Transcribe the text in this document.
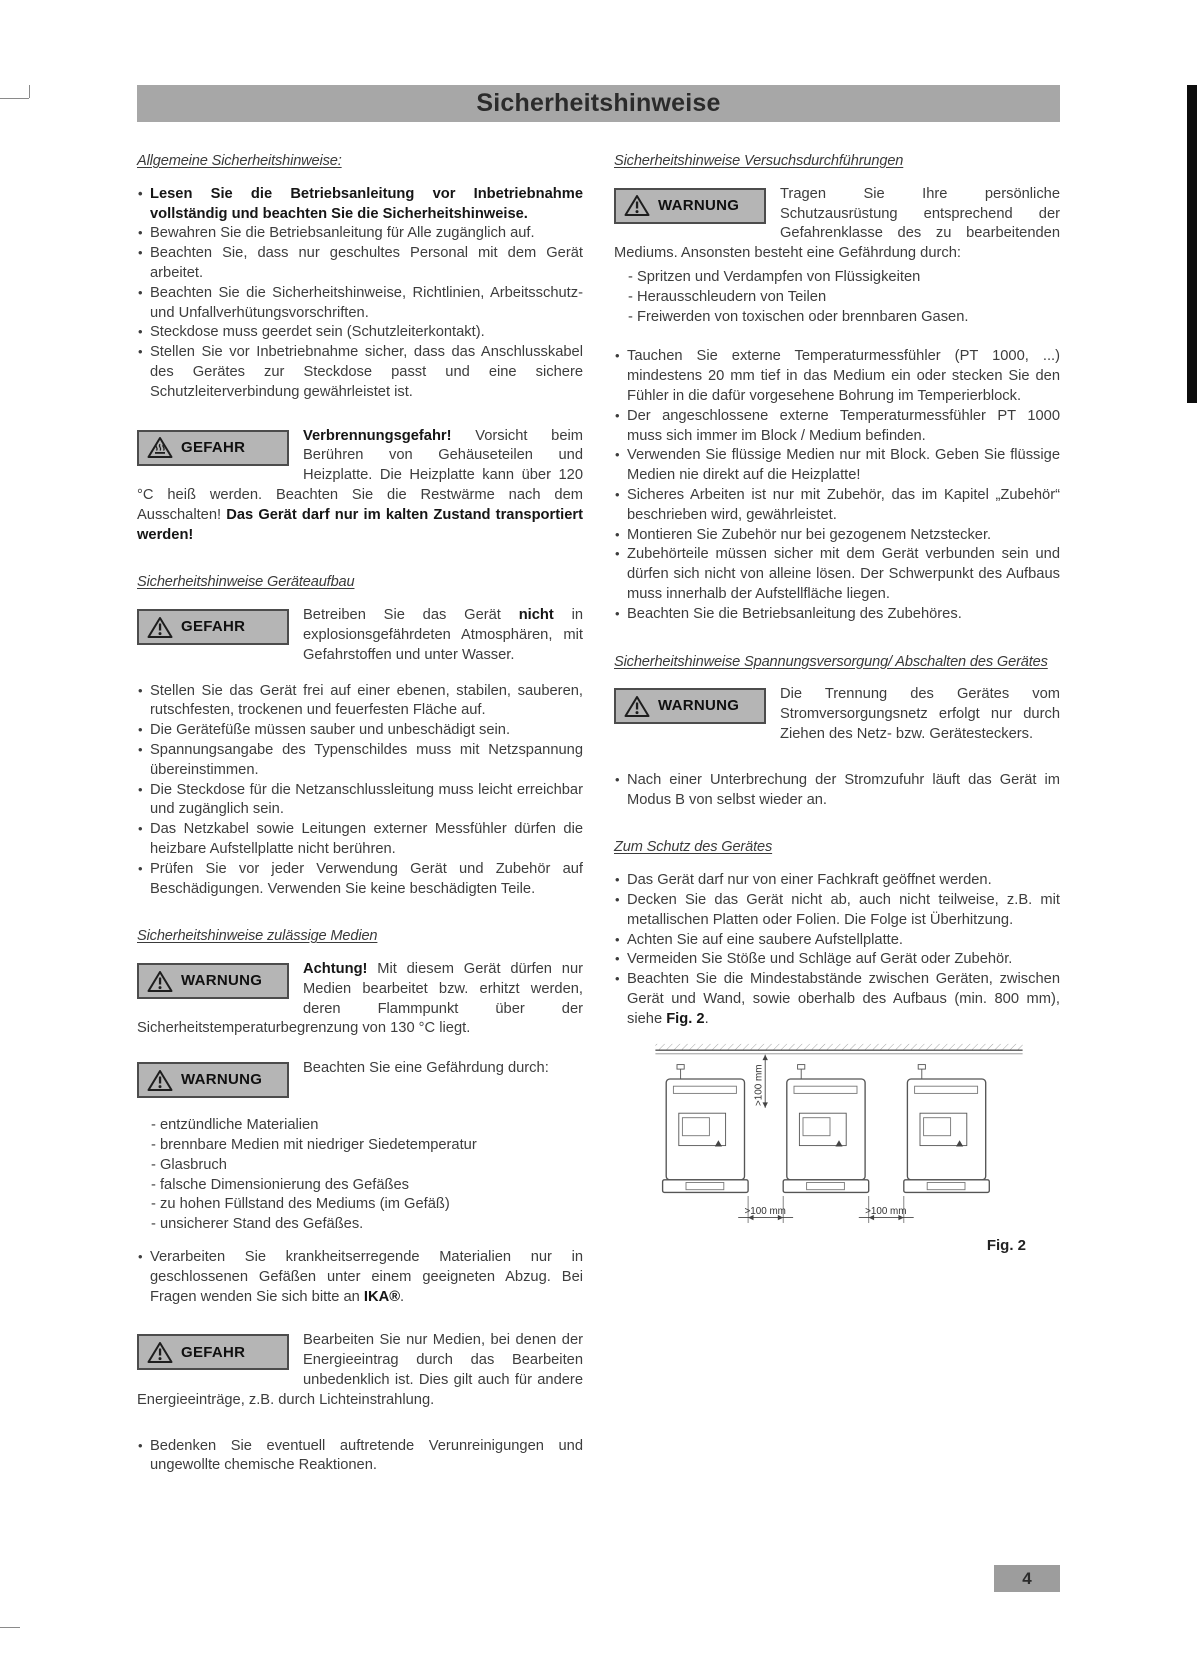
Sicherheitshinweise
Allgemeine Sicherheitshinweise:
• Lesen Sie die Betriebsanleitung vor Inbetriebnahme vollständig und beachten Sie die Sicherheitshinweise.
• Bewahren Sie die Betriebsanleitung für Alle zugänglich auf.
• Beachten Sie, dass nur geschultes Personal mit dem Gerät arbeitet.
• Beachten Sie die Sicherheitshinweise, Richtlinien, Arbeitsschutz- und Unfallverhütungsvorschriften.
• Steckdose muss geerdet sein (Schutzleiterkontakt).
• Stellen Sie vor Inbetriebnahme sicher, dass das Anschlusskabel des Gerätes zur Steckdose passt und eine sichere Schutzleiterverbindung gewährleistet ist.
GEFAHR

Verbrennungsgefahr! Vorsicht beim Berühren von Gehäuseteilen und Heizplatte. Die Heizplatte kann über 120 °C heiß werden. Beachten Sie die Restwärme nach dem Ausschalten! Das Gerät darf nur im kalten Zustand transportiert werden!

Sicherheitshinweise Geräteaufbau
GEFAHR

Betreiben Sie das Gerät nicht in explosionsgefährdeten Atmosphären, mit Gefahrstoffen und unter Wasser.

• Stellen Sie das Gerät frei auf einer ebenen, stabilen, sauberen, rutschfesten, trockenen und feuerfesten Fläche auf.
• Die Gerätefüße müssen sauber und unbeschädigt sein.
• Spannungsangabe des Typenschildes muss mit Netzspannung übereinstimmen.
• Die Steckdose für die Netzanschlussleitung muss leicht erreichbar und zugänglich sein.
• Das Netzkabel sowie Leitungen externer Messfühler dürfen die heizbare Aufstellplatte nicht berühren.
• Prüfen Sie vor jeder Verwendung Gerät und Zubehör auf Beschädigungen. Verwenden Sie keine beschädigten Teile.
Sicherheitshinweise zulässige Medien
WARNUNG

Achtung! Mit diesem Gerät dürfen nur Medien bearbeitet bzw. erhitzt werden, deren Flammpunkt über der Sicherheitstemperaturbegrenzung von 130 °C liegt.

WARNUNG

Beachten Sie eine Gefährdung durch:

- entzündliche Materialien
- brennbare Medien mit niedriger Siedetemperatur
- Glasbruch
- falsche Dimensionierung des Gefäßes
- zu hohen Füllstand des Mediums (im Gefäß)
- unsicherer Stand des Gefäßes.
• Verarbeiten Sie krankheitserregende Materialien nur in geschlossenen Gefäßen unter einem geeigneten Abzug. Bei Fragen wenden Sie sich bitte an IKA®.
GEFAHR

Bearbeiten Sie nur Medien, bei denen der Energieeintrag durch das Bearbeiten unbedenklich ist. Dies gilt auch für andere Energieeinträge, z.B. durch Lichteinstrahlung.

• Bedenken Sie eventuell auftretende Verunreinigungen und ungewollte chemische Reaktionen.
Sicherheitshinweise Versuchsdurchführungen
WARNUNG

Tragen Sie Ihre persönliche Schutzausrüstung entsprechend der Gefahrenklasse des zu bearbeitenden Mediums. Ansonsten besteht eine Gefährdung durch:

- Spritzen und Verdampfen von Flüssigkeiten
- Herausschleudern von Teilen
- Freiwerden von toxischen oder brennbaren Gasen.
• Tauchen Sie externe Temperaturmessfühler (PT 1000, ...) mindestens 20 mm tief in das Medium ein oder stecken Sie den Fühler in die dafür vorgesehene Bohrung im Temperierblock.
• Der angeschlossene externe Temperaturmessfühler PT 1000 muss sich immer im Block / Medium befinden.
• Verwenden Sie flüssige Medien nur mit Block. Geben Sie flüssige Medien nie direkt auf die Heizplatte!
• Sicheres Arbeiten ist nur mit Zubehör, das im Kapitel „Zubehör“ beschrieben wird, gewährleistet.
• Montieren Sie Zubehör nur bei gezogenem Netzstecker.
• Zubehörteile müssen sicher mit dem Gerät verbunden sein und dürfen sich nicht von alleine lösen. Der Schwerpunkt des Aufbaus muss innerhalb der Aufstellfläche liegen.
• Beachten Sie die Betriebsanleitung des Zubehöres.
Sicherheitshinweise Spannungsversorgung/ Abschalten des Gerätes
WARNUNG

Die Trennung des Gerätes vom Stromversorgungsnetz erfolgt nur durch Ziehen des Netz- bzw. Gerätesteckers.

• Nach einer Unterbrechung der Stromzufuhr läuft das Gerät im Modus B von selbst wieder an.
Zum Schutz des Gerätes
• Das Gerät darf nur von einer Fachkraft geöffnet werden.
• Decken Sie das Gerät nicht ab, auch nicht teilweise, z.B. mit metallischen Platten oder Folien. Die Folge ist Überhitzung.
• Achten Sie auf eine saubere Aufstellplatte.
• Vermeiden Sie Stöße und Schläge auf Gerät oder Zubehör.
• Beachten Sie die Mindestabstände zwischen Geräten, zwischen Gerät und Wand, sowie oberhalb des Aufbaus (min. 800 mm), siehe Fig. 2.
>100 mm
>100 mm	>100 mm
Fig. 2
4
